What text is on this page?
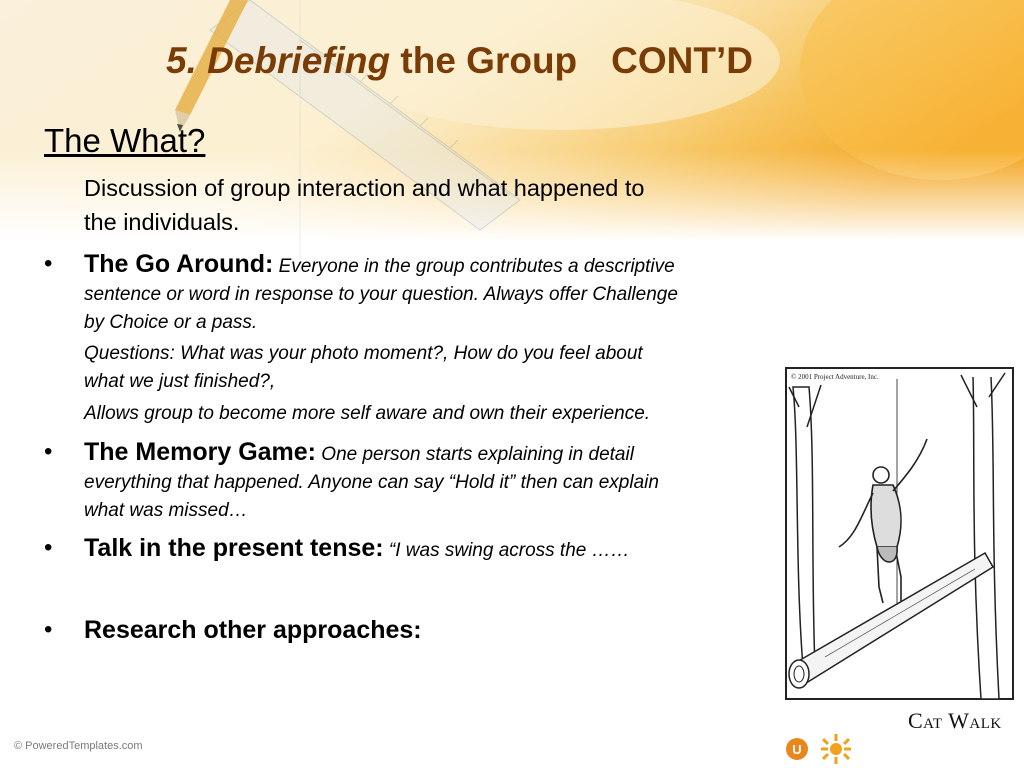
5. Debriefing the Group CONT’D
The What?
Discussion of group interaction and what happened to
the individuals.
• The Go Around: Everyone in the group contributes a descriptive
sentence or word in response to your question. Always offer Challenge
by Choice or a pass.
Questions: What was your photo moment?, How do you feel about
what we just finished?,
Allows group to become more self aware and own their experience.
• The Memory Game: One person starts explaining in detail
everything that happened. Anyone can say “Hold it” then can explain
what was missed…
• Talk in the present tense: “I was swing across the ……
• Research other approaches:
© 2001 Project Adventure, Inc.
Cat Walk
© PoweredTemplates.com	U
